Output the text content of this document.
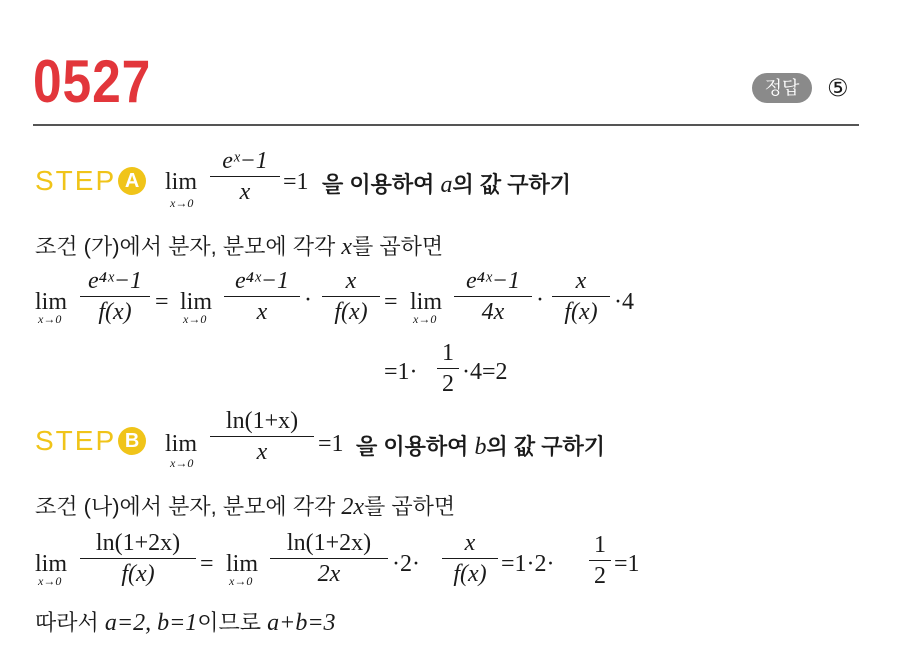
0527	정답	⑤
STEP A lim
x→0
eˣ−1
x	=1 을 이용하여 a의 값 구하기
조건 (가)에서 분자, 분모에 각각 x를 곱하면
lim
x→0
e⁴ˣ−1
f(x) = lim
x→0
e⁴ˣ−1
x	·
x
f(x) = lim
x→0
e⁴ˣ−1
4x	·
x
f(x) ·4
=1·
1
2 ·4=2
STEP B lim
x→0
ln(1+x)
x	=1 을 이용하여 b의 값 구하기
조건 (나)에서 분자, 분모에 각각 2x를 곱하면
lim
x→0
ln(1+2x)
f(x)	= lim
x→0
ln(1+2x)
2x	·2·
x
f(x) =1·2·
1
2 =1
따라서 a=2, b=1이므로 a+b=3
